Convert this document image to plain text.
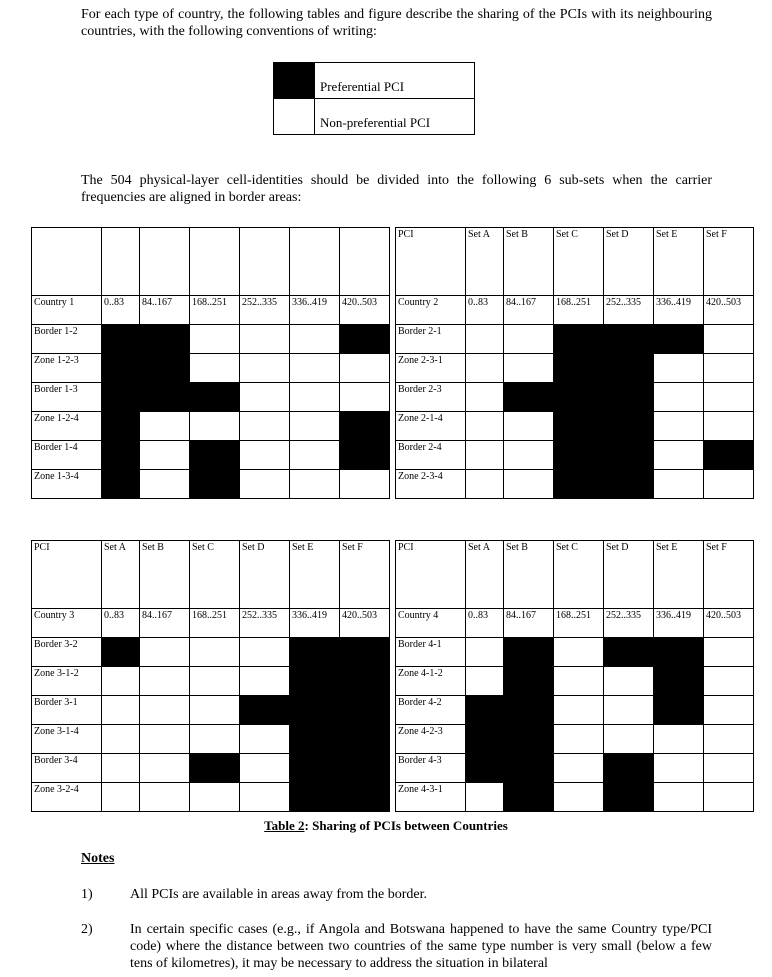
For each type of country, the following tables and figure describe the sharing of the PCIs with its neighbouring countries, with the following conventions of writing:
	Preferential PCI
	Non-preferential PCI
The 504 physical-layer cell-identities should be divided into the following 6 sub-sets when the carrier frequencies are aligned in border areas:

Country 1	0..83	84..167	168..251	252..335	336..419	420..503
Border 1-2						
Zone 1-2-3						
Border 1-3						
Zone 1-2-4						
Border 1-4						
Zone 1-3-4						
PCI	Set A	Set B	Set C	Set D	Set E	Set F
Country 2	0..83	84..167	168..251	252..335	336..419	420..503
Border 2-1						
Zone 2-3-1						
Border 2-3						
Zone 2-1-4						
Border 2-4						
Zone 2-3-4						
PCI	Set A	Set B	Set C	Set D	Set E	Set F
Country 3	0..83	84..167	168..251	252..335	336..419	420..503
Border 3-2						
Zone 3-1-2						
Border 3-1						
Zone 3-1-4						
Border 3-4						
Zone 3-2-4						
PCI	Set A	Set B	Set C	Set D	Set E	Set F
Country 4	0..83	84..167	168..251	252..335	336..419	420..503
Border 4-1						
Zone 4-1-2						
Border 4-2						
Zone 4-2-3						
Border 4-3						
Zone 4-3-1						
Table 2: Sharing of PCIs between Countries
Notes
1)	All PCIs are available in areas away from the border.
2)	In certain specific cases (e.g., if Angola and Botswana happened to have the same Country type/PCI code) where the distance between two countries of the same type number is very small (below a few tens of kilometres), it may be necessary to address the situation in bilateral
